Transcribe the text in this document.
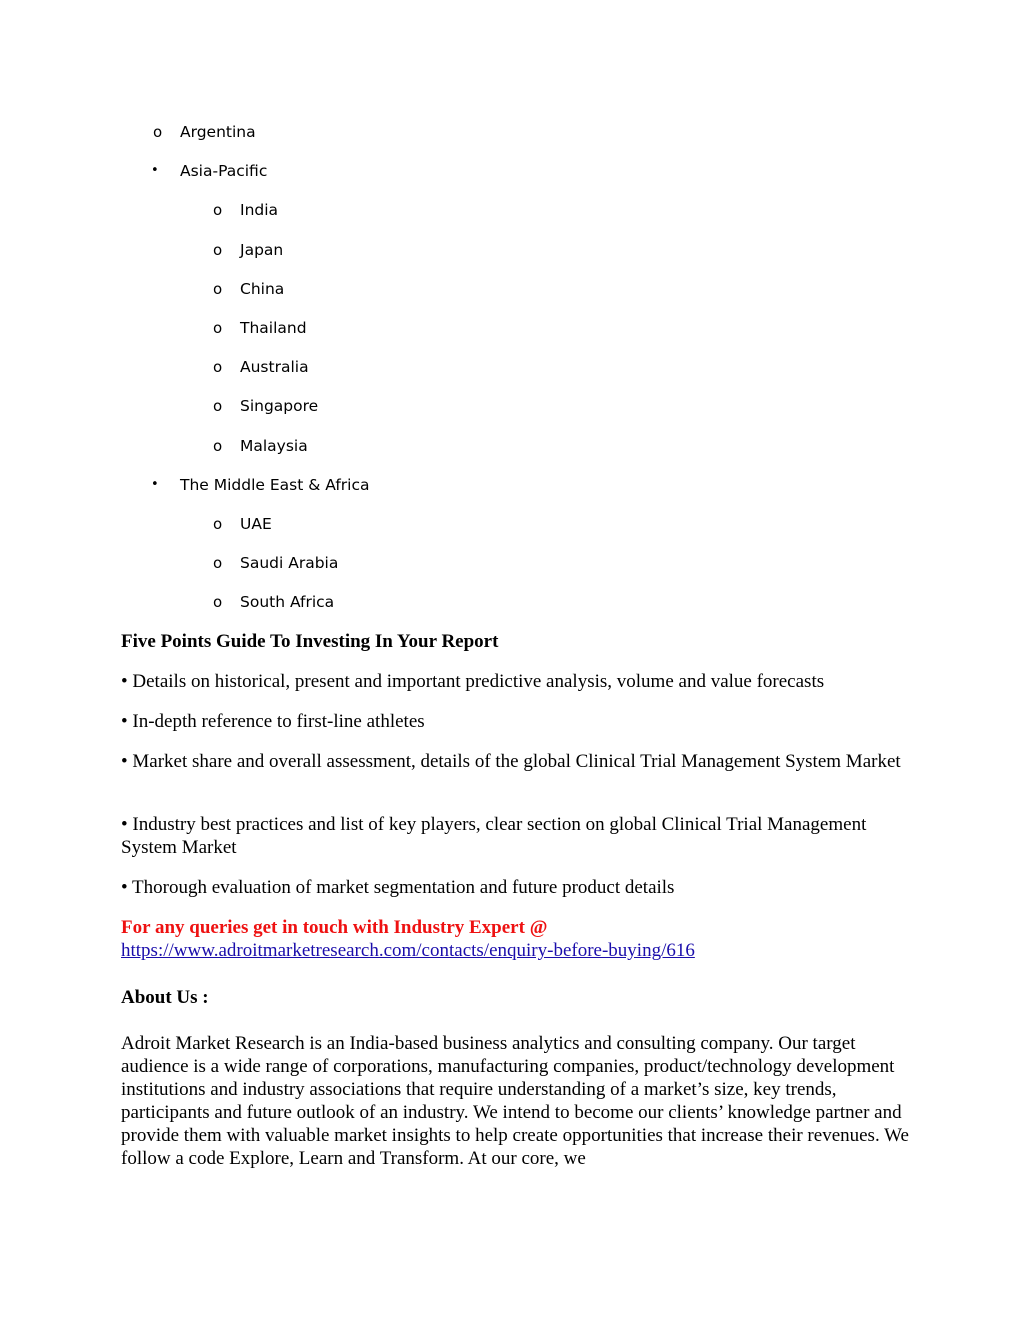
o Argentina
• Asia-Pacific
o India
o Japan
o China
o Thailand
o Australia
o Singapore
o Malaysia
• The Middle East & Africa
o UAE
o Saudi Arabia
o South Africa
Five Points Guide To Investing In Your Report
• Details on historical, present and important predictive analysis, volume and value forecasts
• In-depth reference to first-line athletes
• Market share and overall assessment, details of the global Clinical Trial Management System Market
• Industry best practices and list of key players, clear section on global Clinical Trial Management System Market
• Thorough evaluation of market segmentation and future product details
For any queries get in touch with Industry Expert @
https://www.adroitmarketresearch.com/contacts/enquiry-before-buying/616
About Us :
Adroit Market Research is an India-based business analytics and consulting company. Our target audience is a wide range of corporations, manufacturing companies, product/technology development institutions and industry associations that require understanding of a market’s size, key trends, participants and future outlook of an industry. We intend to become our clients’ knowledge partner and provide them with valuable market insights to help create opportunities that increase their revenues. We follow a code Explore, Learn and Transform. At our core, we
